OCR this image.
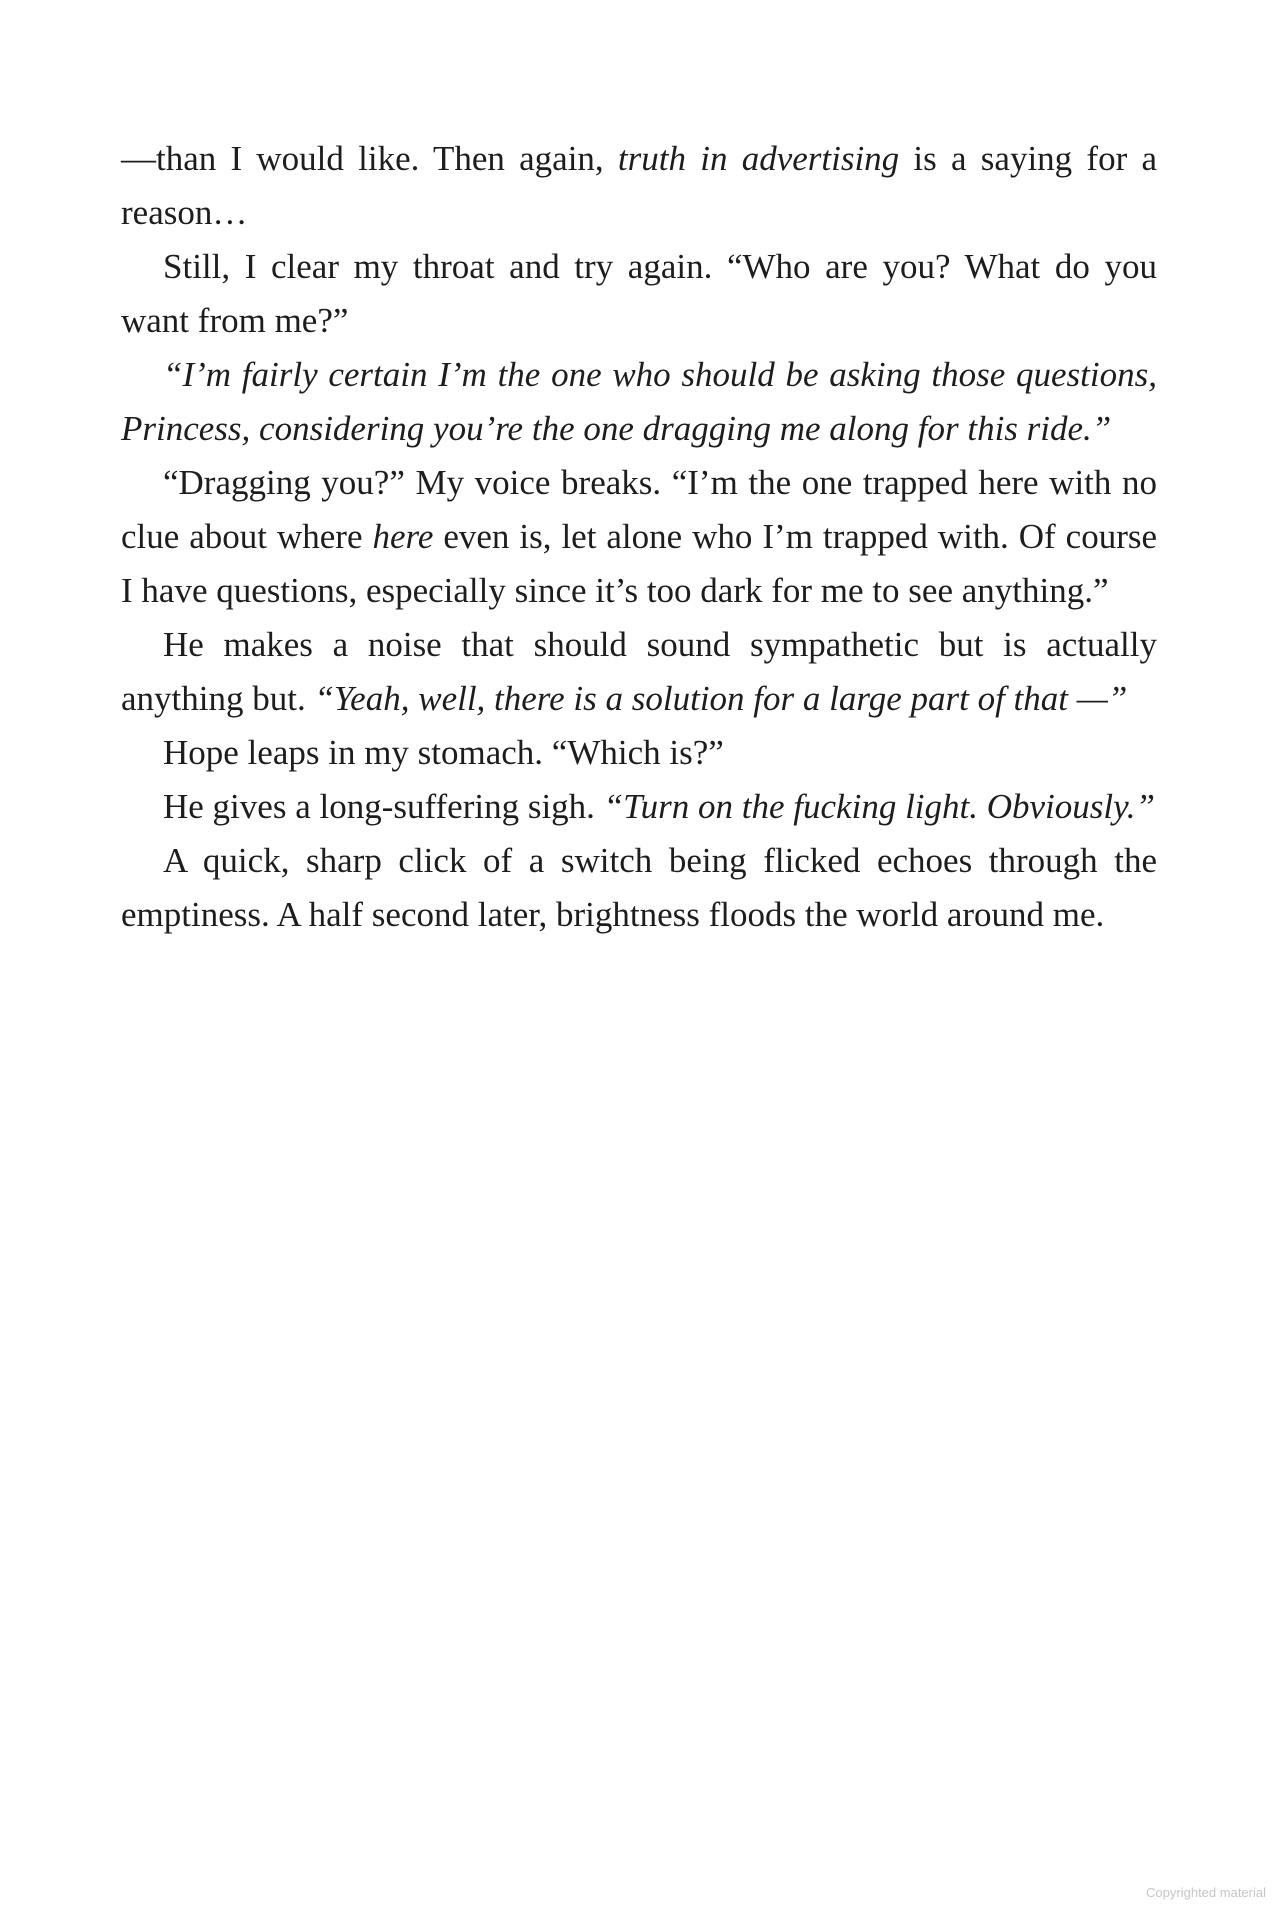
—than I would like. Then again, truth in advertising is a saying for a reason…

Still, I clear my throat and try again. “Who are you? What do you want from me?”

“I’m fairly certain I’m the one who should be asking those questions, Princess, considering you’re the one dragging me along for this ride.”

“Dragging you?” My voice breaks. “I’m the one trapped here with no clue about where here even is, let alone who I’m trapped with. Of course I have questions, especially since it’s too dark for me to see anything.”

He makes a noise that should sound sympathetic but is actually anything but. “Yeah, well, there is a solution for a large part of that —”

Hope leaps in my stomach. “Which is?”

He gives a long-suffering sigh. “Turn on the fucking light. Obviously.”

A quick, sharp click of a switch being flicked echoes through the emptiness. A half second later, brightness floods the world around me.

Copyrighted material
